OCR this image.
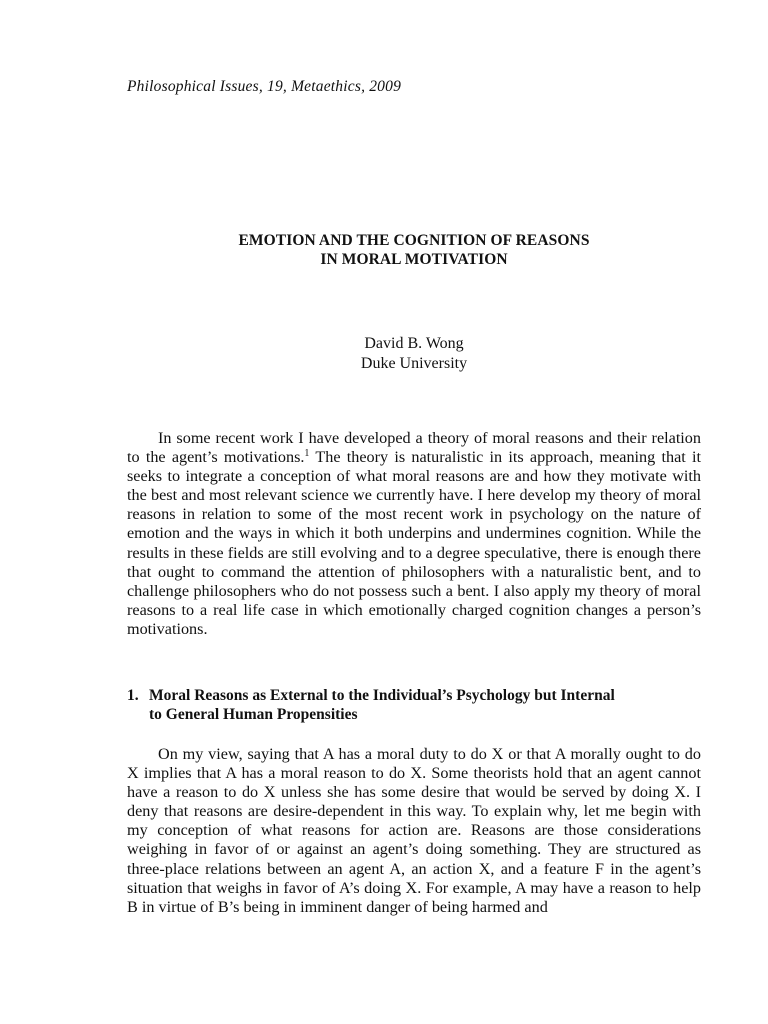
Philosophical Issues, 19, Metaethics, 2009
EMOTION AND THE COGNITION OF REASONS
IN MORAL MOTIVATION
David B. Wong
Duke University

In some recent work I have developed a theory of moral reasons and their relation to the agent’s motivations.$^1$ The theory is naturalistic in its approach, meaning that it seeks to integrate a conception of what moral reasons are and how they motivate with the best and most relevant science we currently have. I here develop my theory of moral reasons in relation to some of the most recent work in psychology on the nature of emotion and the ways in which it both underpins and undermines cognition. While the results in these fields are still evolving and to a degree speculative, there is enough there that ought to command the attention of philosophers with a naturalistic bent, and to challenge philosophers who do not possess such a bent. I also apply my theory of moral reasons to a real life case in which emotionally charged cognition changes a person’s motivations.

1. Moral Reasons as External to the Individual’s Psychology but Internal
to General Human Propensities

On my view, saying that A has a moral duty to do X or that A morally ought to do X implies that A has a moral reason to do X. Some theorists hold that an agent cannot have a reason to do X unless she has some desire that would be served by doing X. I deny that reasons are desire-dependent in this way. To explain why, let me begin with my conception of what reasons for action are. Reasons are those considerations weighing in favor of or against an agent’s doing something. They are structured as three-place relations between an agent A, an action X, and a feature F in the agent’s situation that weighs in favor of A’s doing X. For example, A may have a reason to help B in virtue of B’s being in imminent danger of being harmed and
